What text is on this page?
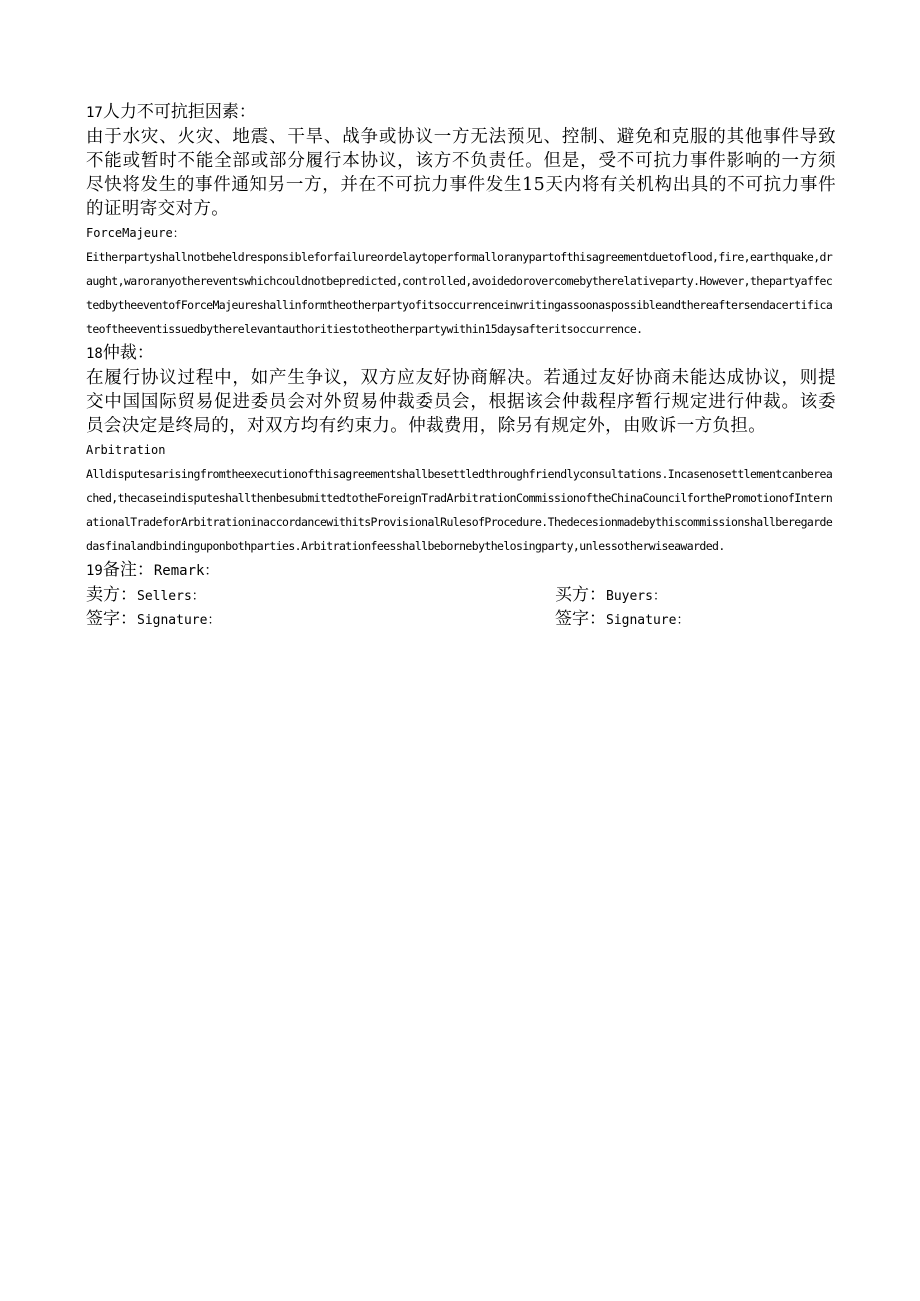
17人力不可抗拒因素：
由于水灾、火灾、地震、干旱、战争或协议一方无法预见、控制、避免和克服的其他事件导致不能或暂时不能全部或部分履行本协议，该方不负责任。但是，受不可抗力事件影响的一方须尽快将发生的事件通知另一方，并在不可抗力事件发生15天内将有关机构出具的不可抗力事件的证明寄交对方。
ForceMajeure：
Eitherpartyshallnotbeheldresponsibleforfailureordelaytoperformalloranypartofthisagreementduetoflood,fire,earthquake,draught,waroranyothereventswhichcouldnotbepredicted,controlled,avoidedorovercomebytherelativeparty.However,thepartyaffectedbytheeventofForceMajeureshallinformtheotherpartyofitsoccurrenceinwritingassoonaspossibleandthereaftersendacertificateoftheeventissuedbytherelevantauthoritiestotheotherpartywithin15daysafteritsoccurrence.
18仲裁：
在履行协议过程中，如产生争议，双方应友好协商解决。若通过友好协商未能达成协议，则提交中国国际贸易促进委员会对外贸易仲裁委员会，根据该会仲裁程序暂行规定进行仲裁。该委员会决定是终局的，对双方均有约束力。仲裁费用，除另有规定外，由败诉一方负担。
Arbitration
Alldisputesarisingfromtheexecutionofthisagreementshallbesettledthroughfriendlyconsultations.Incasenosettlementcanbereached,thecaseindisputeshallthenbesubmittedtotheForeignTradArbitrationCommissionoftheChinaCouncilforthePromotionofInternationalTradeforArbitrationinaccordancewithitsProvisionalRulesofProcedure.Thedecesionmadebythiscommissionshallberegardedasfinalandbindinguponbothparties.Arbitrationfeesshallbebornebythelosingparty,unlessotherwiseawarded.
19备注：Remark：
卖方：Sellers：	买方：Buyers：
签字：Signature：	签字：Signature：
